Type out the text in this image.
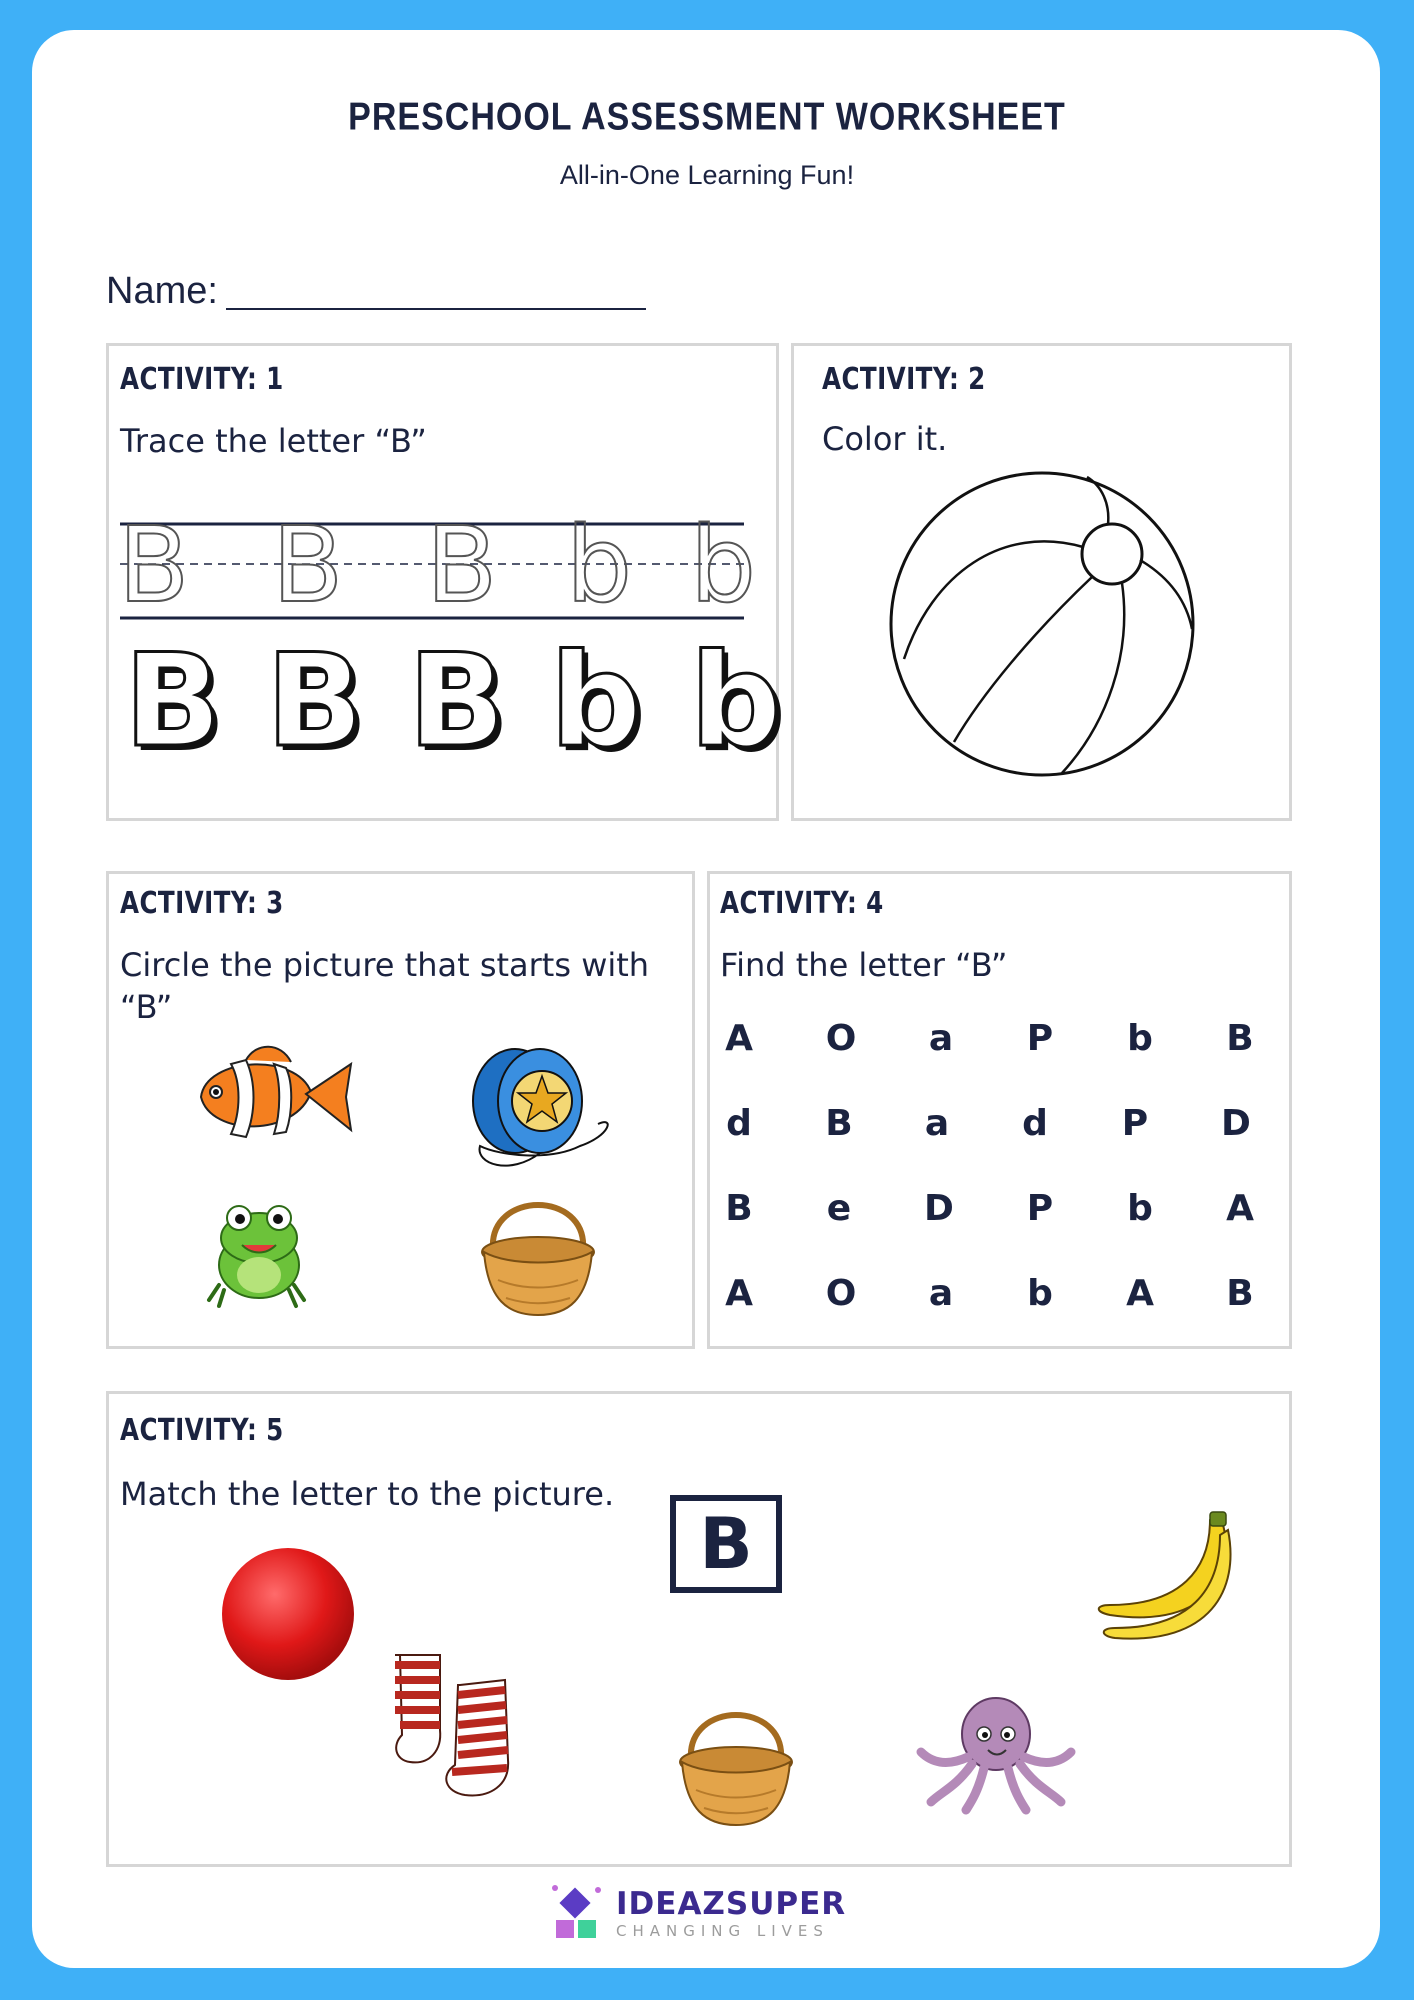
PRESCHOOL ASSESSMENT WORKSHEET
All-in-One Learning Fun!
Name:
ACTIVITY: 1
Trace the letter “B”
B B B b b
B B B b b
ACTIVITY: 2
Color it.
ACTIVITY: 3
Circle the picture that starts with
“B”
ACTIVITY: 4
Find the letter “B”
A	O	a	P	b	B
d	B	a	d	P	D
B	e	D	P	b	A
A	O	a	b	A	B
ACTIVITY: 5
Match the letter to the picture.
B
IDEAZSUPER
CHANGING LIVES
